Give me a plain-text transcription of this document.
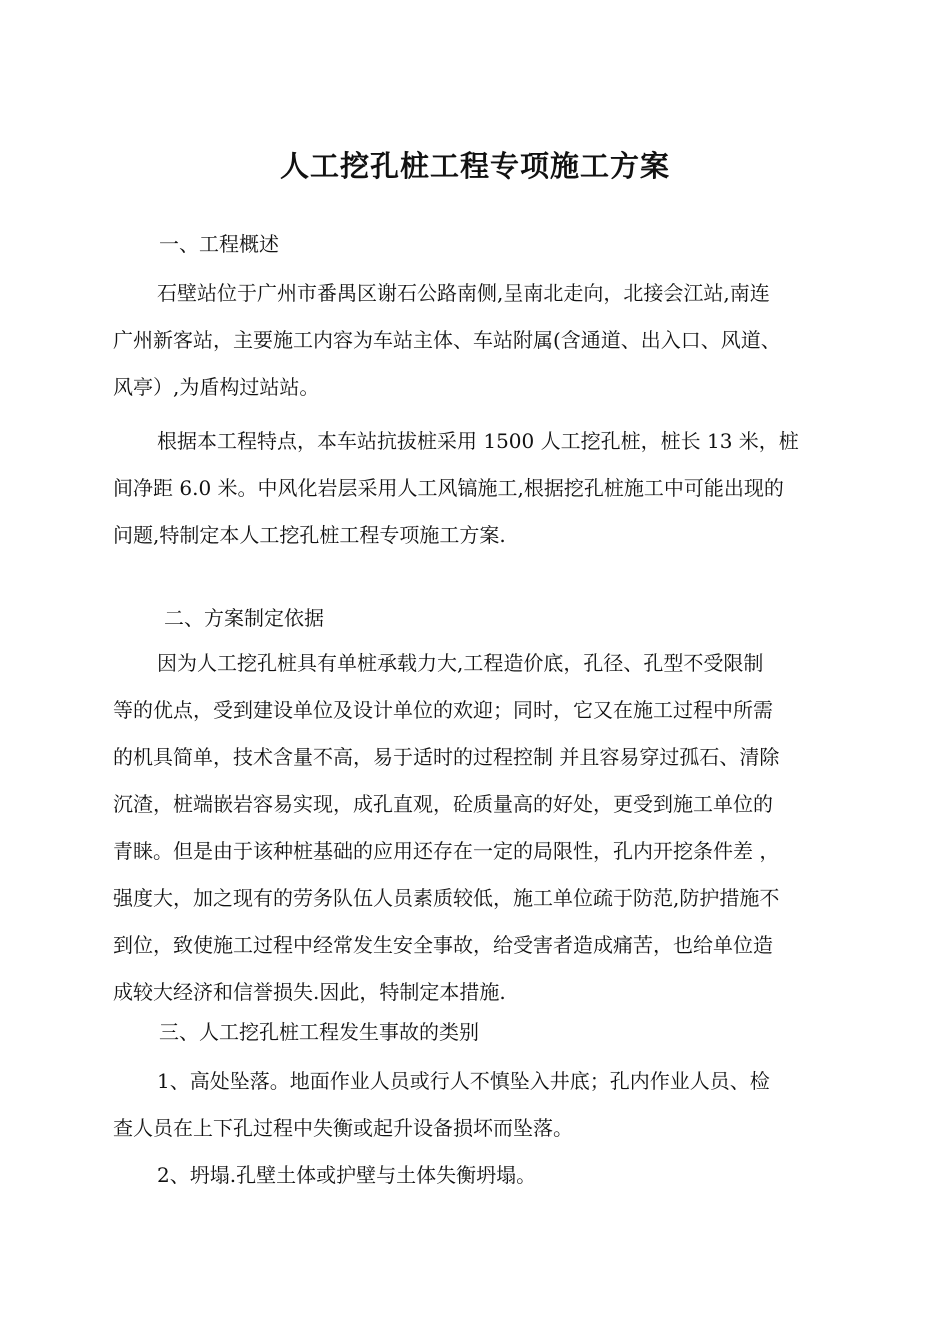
人工挖孔桩工程专项施工方案
一、工程概述
石壁站位于广州市番禺区谢石公路南侧,呈南北走向，北接会江站,南连
广州新客站，主要施工内容为车站主体、车站附属(含通道、出入口、风道、
风亭）,为盾构过站站。
根据本工程特点，本车站抗拔桩采用 1500 人工挖孔桩，桩长 13 米，桩
间净距 6.0 米。中风化岩层采用人工风镐施工,根据挖孔桩施工中可能出现的
问题,特制定本人工挖孔桩工程专项施工方案.
二、方案制定依据
因为人工挖孔桩具有单桩承载力大,工程造价底，孔径、孔型不受限制
等的优点，受到建设单位及设计单位的欢迎；同时，它又在施工过程中所需
的机具简单，技术含量不高，易于适时的过程控制 并且容易穿过孤石、清除
沉渣，桩端嵌岩容易实现，成孔直观，砼质量高的好处，更受到施工单位的
青睐。但是由于该种桩基础的应用还存在一定的局限性，孔内开挖条件差 ，
强度大，加之现有的劳务队伍人员素质较低，施工单位疏于防范,防护措施不
到位，致使施工过程中经常发生安全事故，给受害者造成痛苦，也给单位造
成较大经济和信誉损失.因此，特制定本措施.
三、人工挖孔桩工程发生事故的类别
1、高处坠落。地面作业人员或行人不慎坠入井底；孔内作业人员、检
查人员在上下孔过程中失衡或起升设备损坏而坠落。
2、坍塌.孔壁土体或护壁与土体失衡坍塌。
